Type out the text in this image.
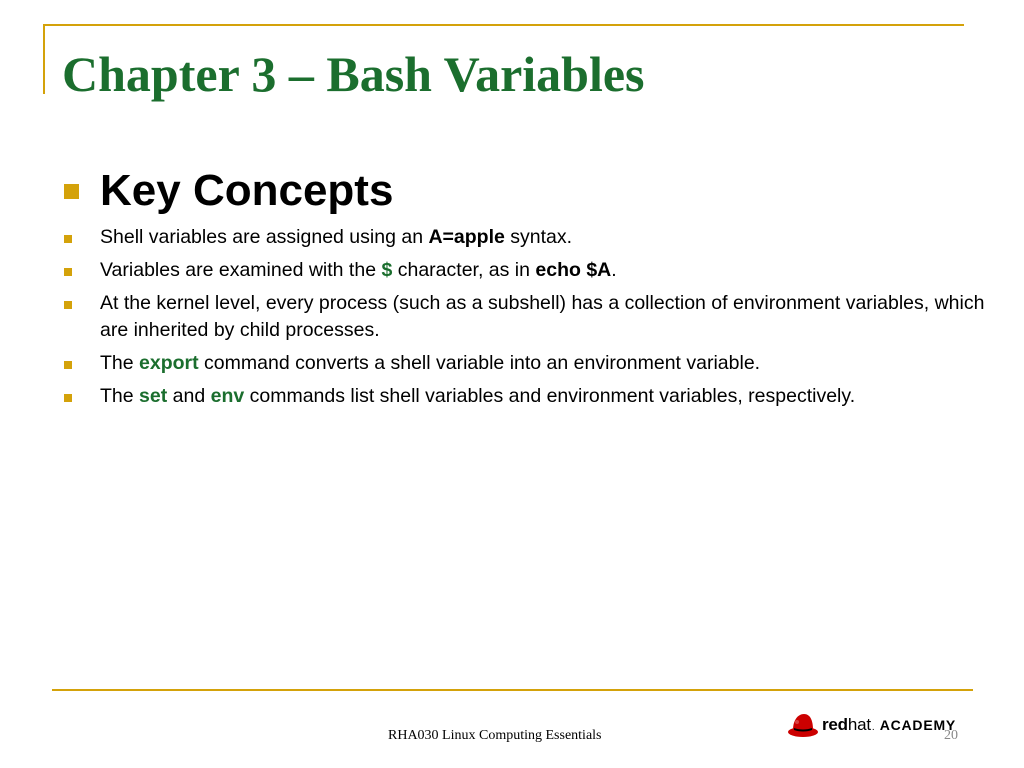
Chapter 3 – Bash Variables
Key Concepts
Shell variables are assigned using an A=apple syntax.
Variables are examined with the $ character, as in echo $A.
At the kernel level, every process (such as a subshell) has a collection of environment variables, which are inherited by child processes.
The export command converts a shell variable into an environment variable.
The set and env commands list shell variables and environment variables, respectively.
RHA030 Linux Computing Essentials
red hat . ACADEMY
20
